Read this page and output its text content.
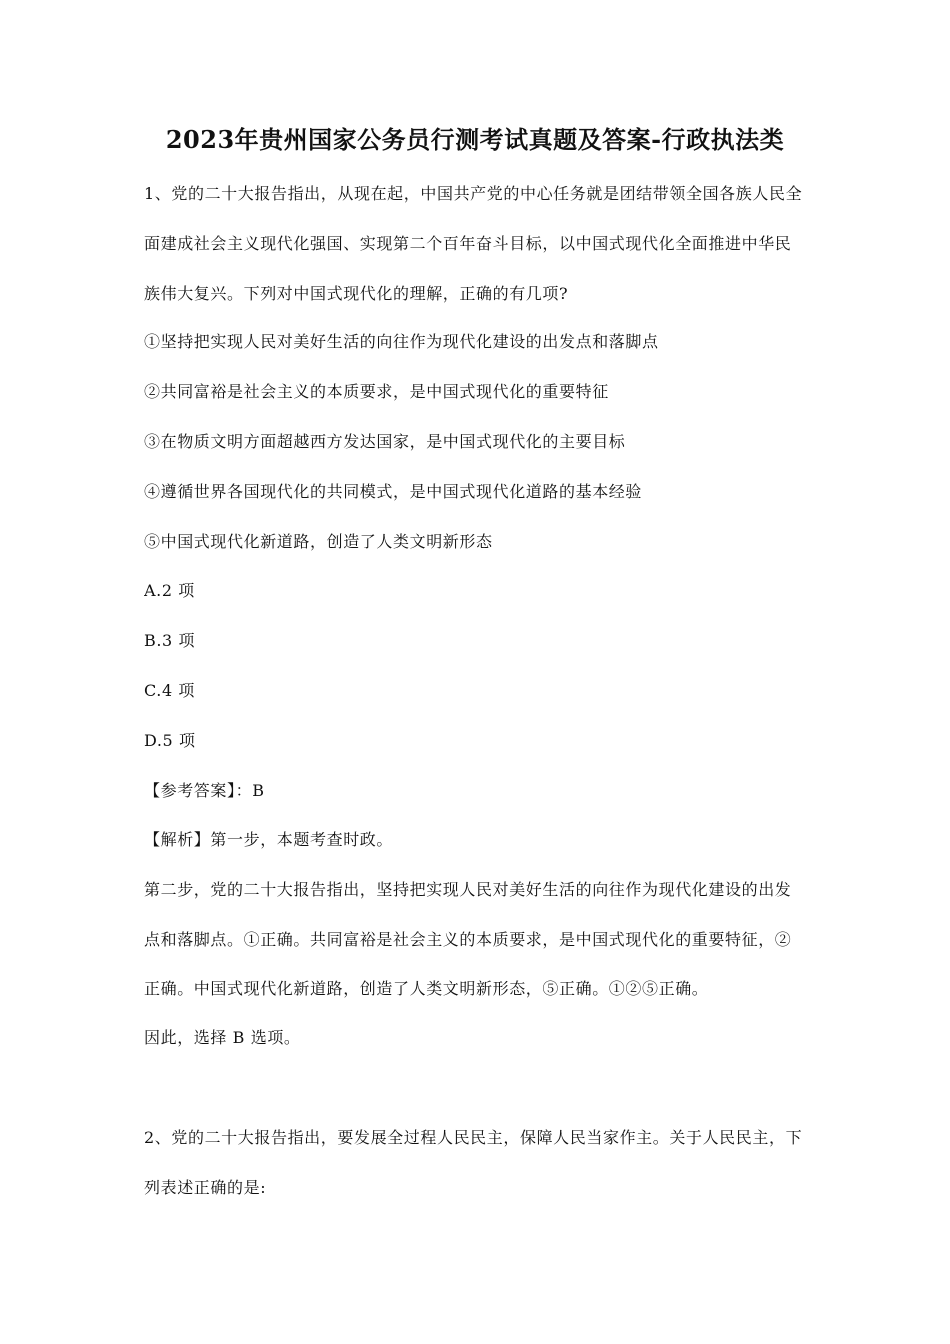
2023年贵州国家公务员行测考试真题及答案-行政执法类
1、党的二十大报告指出，从现在起，中国共产党的中心任务就是团结带领全国各族人民全
面建成社会主义现代化强国、实现第二个百年奋斗目标，以中国式现代化全面推进中华民
族伟大复兴。下列对中国式现代化的理解，正确的有几项?
①坚持把实现人民对美好生活的向往作为现代化建设的出发点和落脚点
②共同富裕是社会主义的本质要求，是中国式现代化的重要特征
③在物质文明方面超越西方发达国家，是中国式现代化的主要目标
④遵循世界各国现代化的共同模式，是中国式现代化道路的基本经验
⑤中国式现代化新道路，创造了人类文明新形态
A.2 项
B.3 项
C.4 项
D.5 项
【参考答案】：B
【解析】第一步，本题考查时政。
第二步，党的二十大报告指出，坚持把实现人民对美好生活的向往作为现代化建设的出发
点和落脚点。①正确。共同富裕是社会主义的本质要求，是中国式现代化的重要特征，②
正确。中国式现代化新道路，创造了人类文明新形态，⑤正确。①②⑤正确。
因此，选择 B 选项。
2、党的二十大报告指出，要发展全过程人民民主，保障人民当家作主。关于人民民主，下
列表述正确的是:
